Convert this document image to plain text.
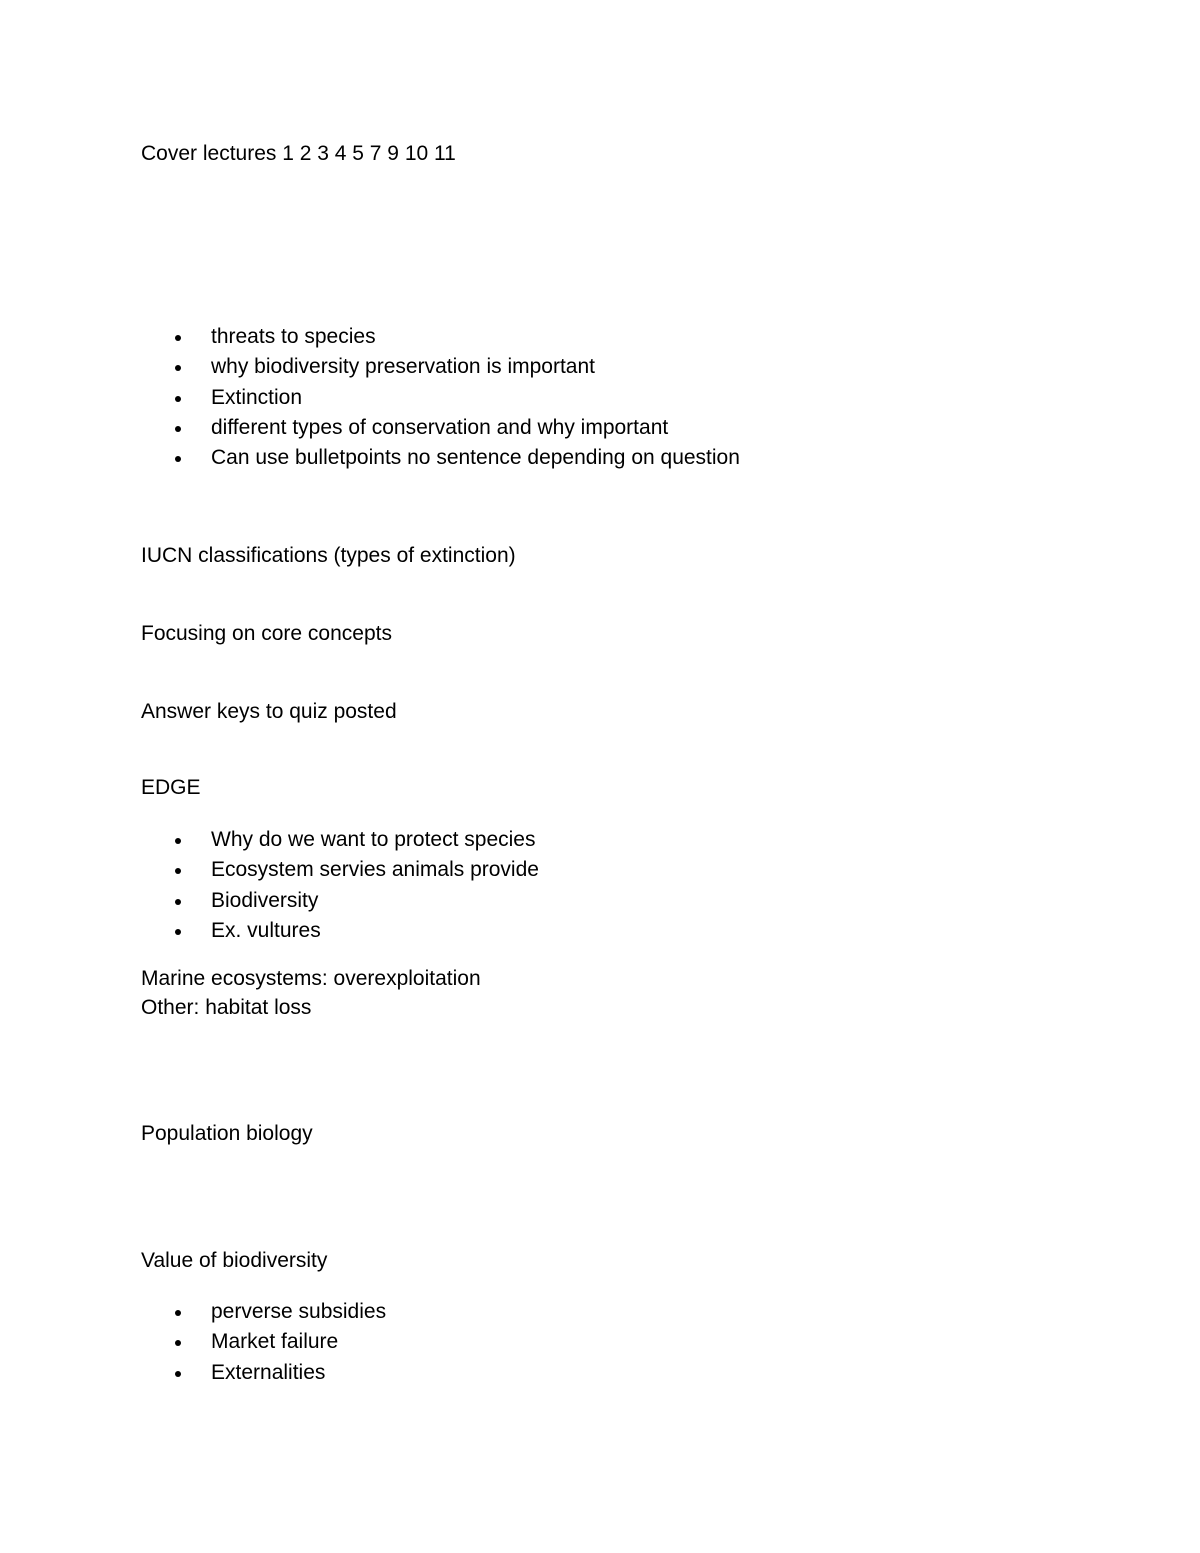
Cover lectures 1 2 3 4 5 7 9 10 11
threats to species
why biodiversity preservation is important
Extinction
different types of conservation and why important
Can use bulletpoints no sentence depending on question
IUCN classifications (types of extinction)
Focusing on core concepts
Answer keys to quiz posted
EDGE
Why do we want to protect species
Ecosystem servies animals provide
Biodiversity
Ex. vultures
Marine ecosystems: overexploitation
Other: habitat loss
Population biology
Value of biodiversity
perverse subsidies
Market failure
Externalities
